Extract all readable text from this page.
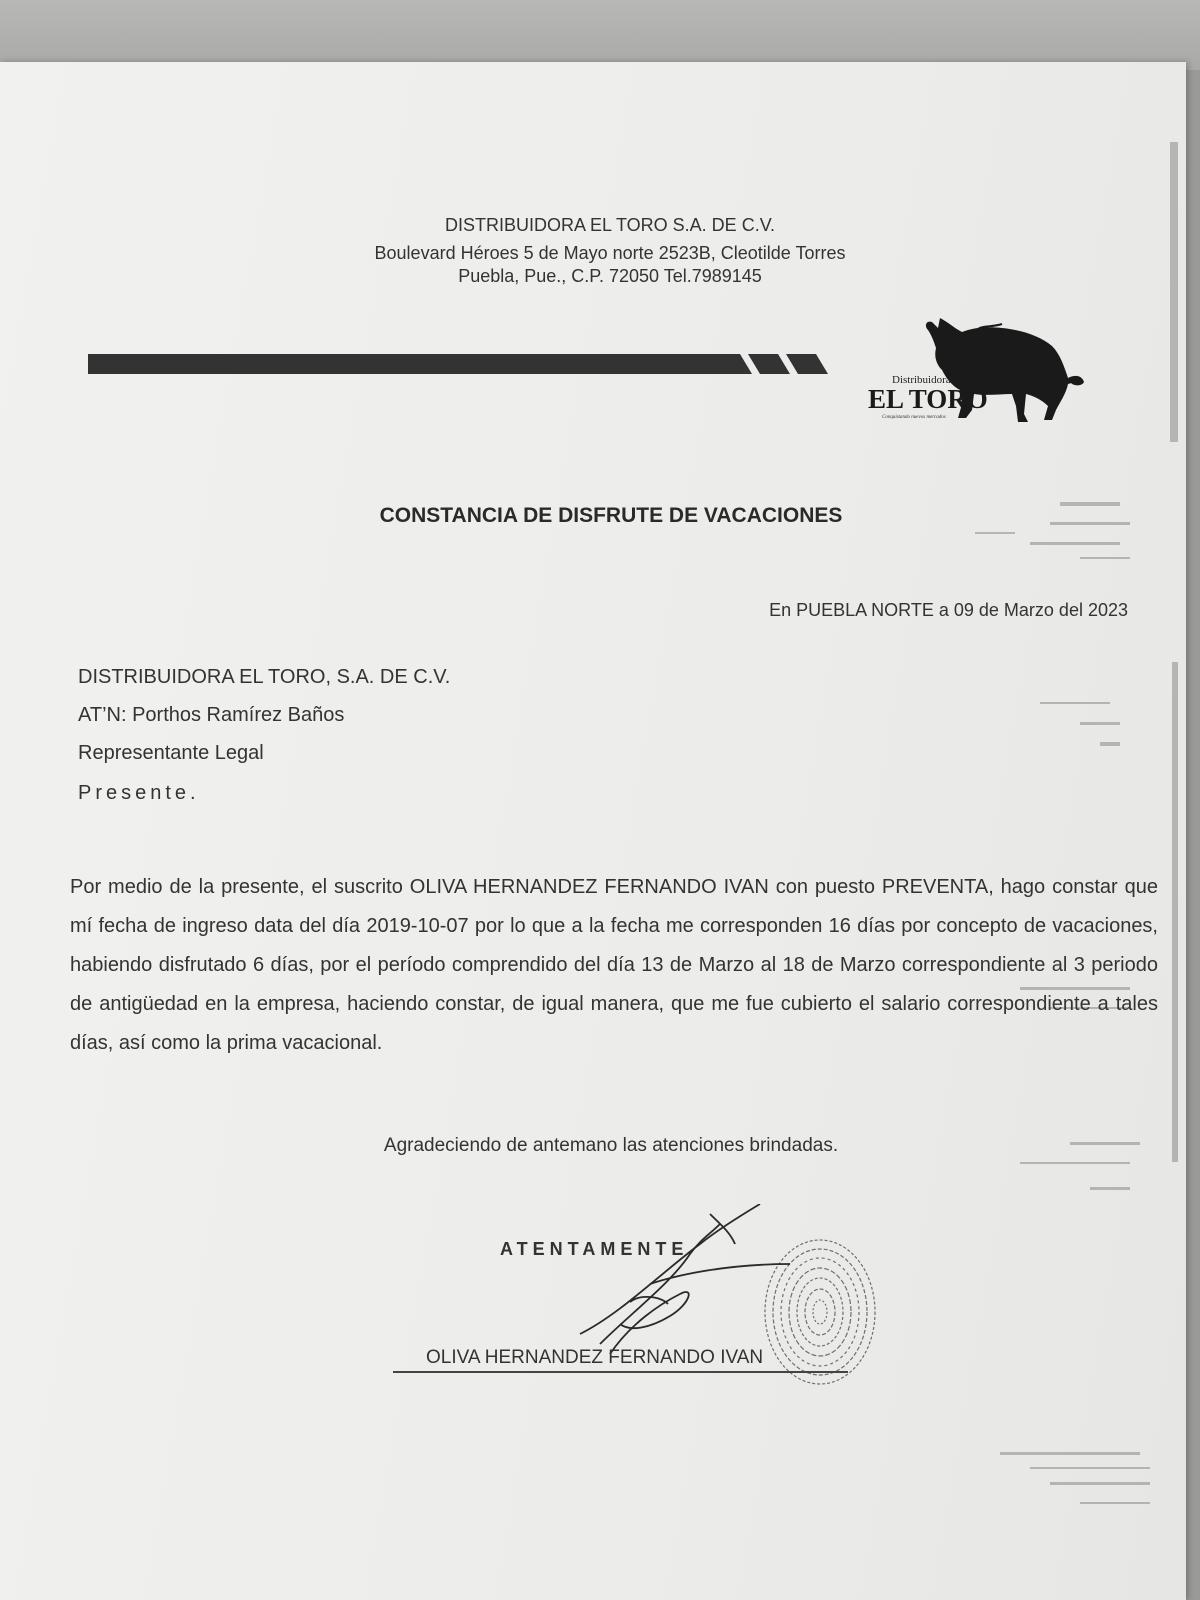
DISTRIBUIDORA EL TORO S.A. DE C.V.
Boulevard Héroes 5 de Mayo norte 2523B, Cleotilde Torres
Puebla, Pue., C.P. 72050 Tel.7989145
Distribuidora
EL TORO
Conquistando nuevos mercados
CONSTANCIA DE DISFRUTE DE VACACIONES
En PUEBLA NORTE a 09 de Marzo del 2023
DISTRIBUIDORA EL TORO, S.A. DE C.V.
AT’N: Porthos Ramírez Baños
Representante Legal
Presente.
Por medio de la presente, el suscrito OLIVA HERNANDEZ FERNANDO IVAN con puesto PREVENTA, hago constar que mí fecha de ingreso data del día 2019-10-07 por lo que a la fecha me corresponden 16 días por concepto de vacaciones, habiendo disfrutado 6 días, por el período comprendido del día 13 de Marzo al 18 de Marzo correspondiente al 3 periodo de antigüedad en la empresa, haciendo constar, de igual manera, que me fue cubierto el salario correspondiente a tales días, así como la prima vacacional.
Agradeciendo de antemano las atenciones brindadas.
ATENTAMENTE
OLIVA HERNANDEZ FERNANDO IVAN
